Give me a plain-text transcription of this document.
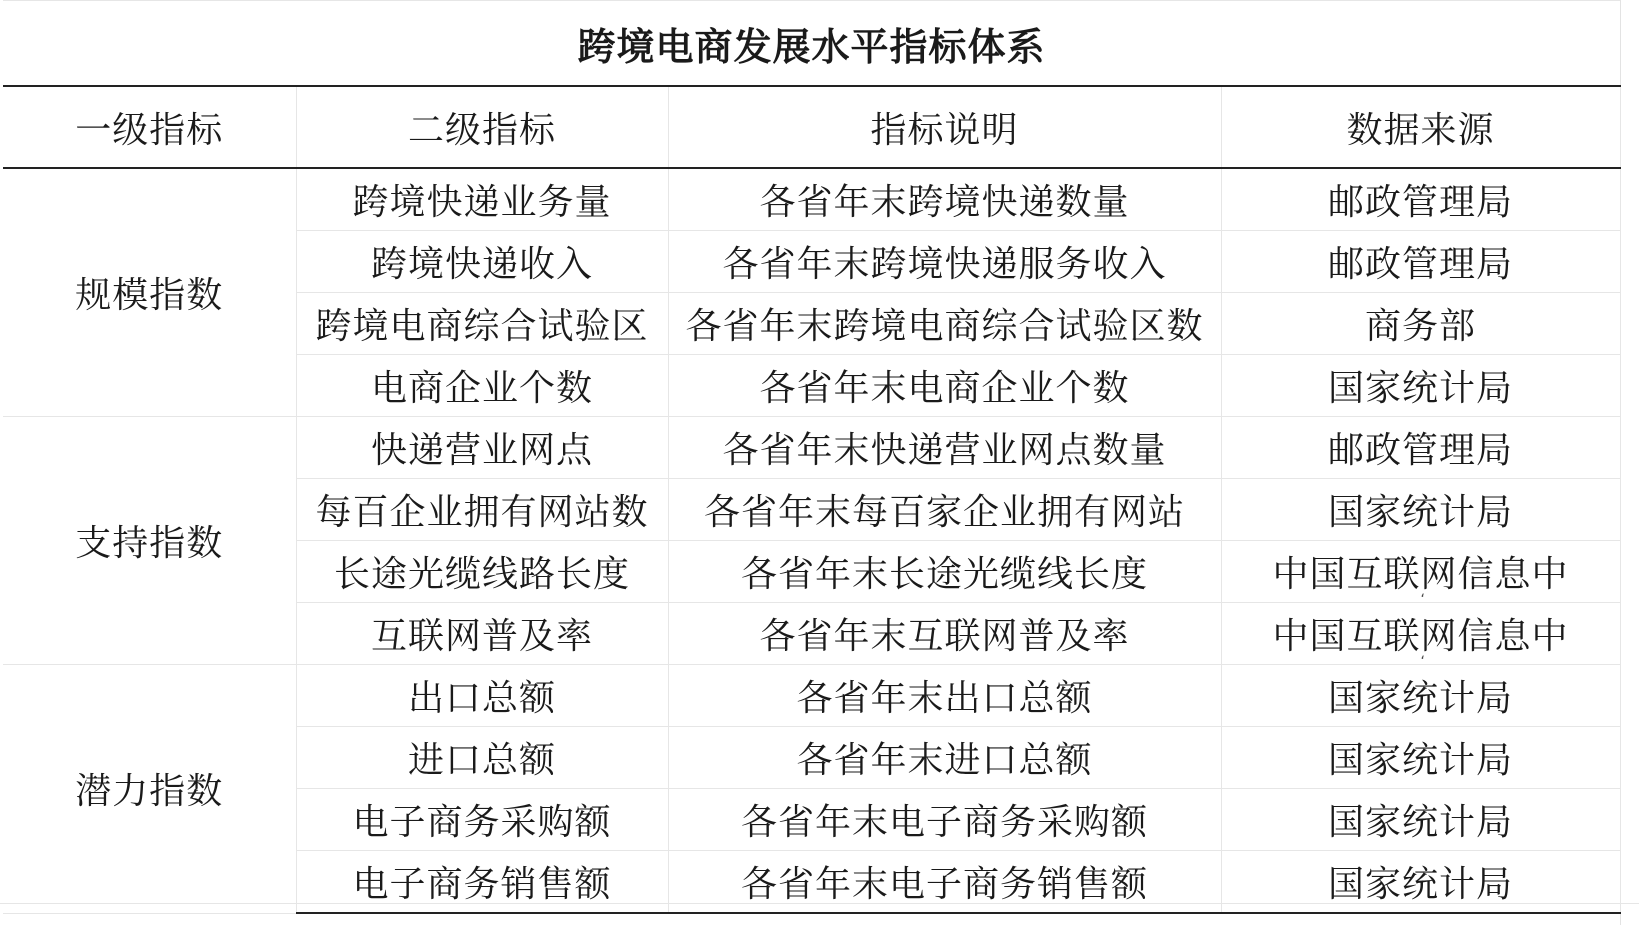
跨境电商发展水平指标体系			
一级指标	二级指标	指标说明	数据来源
规模指数	跨境快递业务量	各省年末跨境快递数量	邮政管理局
	跨境快递收入	各省年末跨境快递服务收入	邮政管理局
	跨境电商综合试验区	各省年末跨境电商综合试验区数	商务部
	电商企业个数	各省年末电商企业个数	国家统计局
支持指数	快递营业网点	各省年末快递营业网点数量	邮政管理局
	每百企业拥有网站数	各省年末每百家企业拥有网站	国家统计局
	长途光缆线路长度	各省年末长途光缆线长度	中国互联网信息中
‘

	互联网普及率	各省年末互联网普及率	中国互联网信息中
‘

潜力指数	出口总额	各省年末出口总额	国家统计局
	进口总额	各省年末进口总额	国家统计局
	电子商务采购额	各省年末电子商务采购额	国家统计局
	电子商务销售额	各省年末电子商务销售额	国家统计局
